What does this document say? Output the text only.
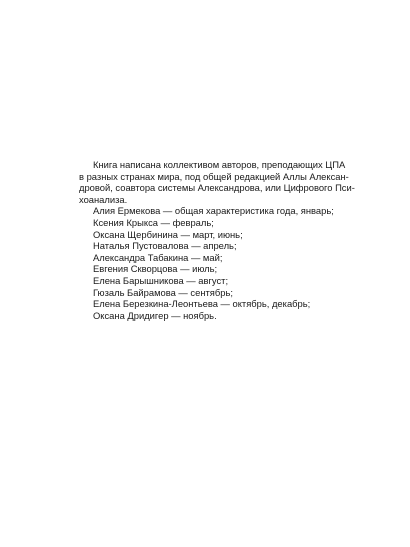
Книга написана коллективом авторов, преподающих ЦПА
в разных странах мира, под общей редакцией Аллы Алексан-
дровой, соавтора системы Александрова, или Цифрового Пси-
хоанализа.

Алия Ермекова — общая характеристика года, январь;
Ксения Крыкса — февраль;
Оксана Щербинина — март, июнь;
Наталья Пустовалова — апрель;
Александра Табакина — май;
Евгения Скворцова — июль;
Елена Барышникова — август;
Гюзаль Байрамова — сентябрь;
Елена Березкина-Леонтьева — октябрь, декабрь;
Оксана Дридигер — ноябрь.
